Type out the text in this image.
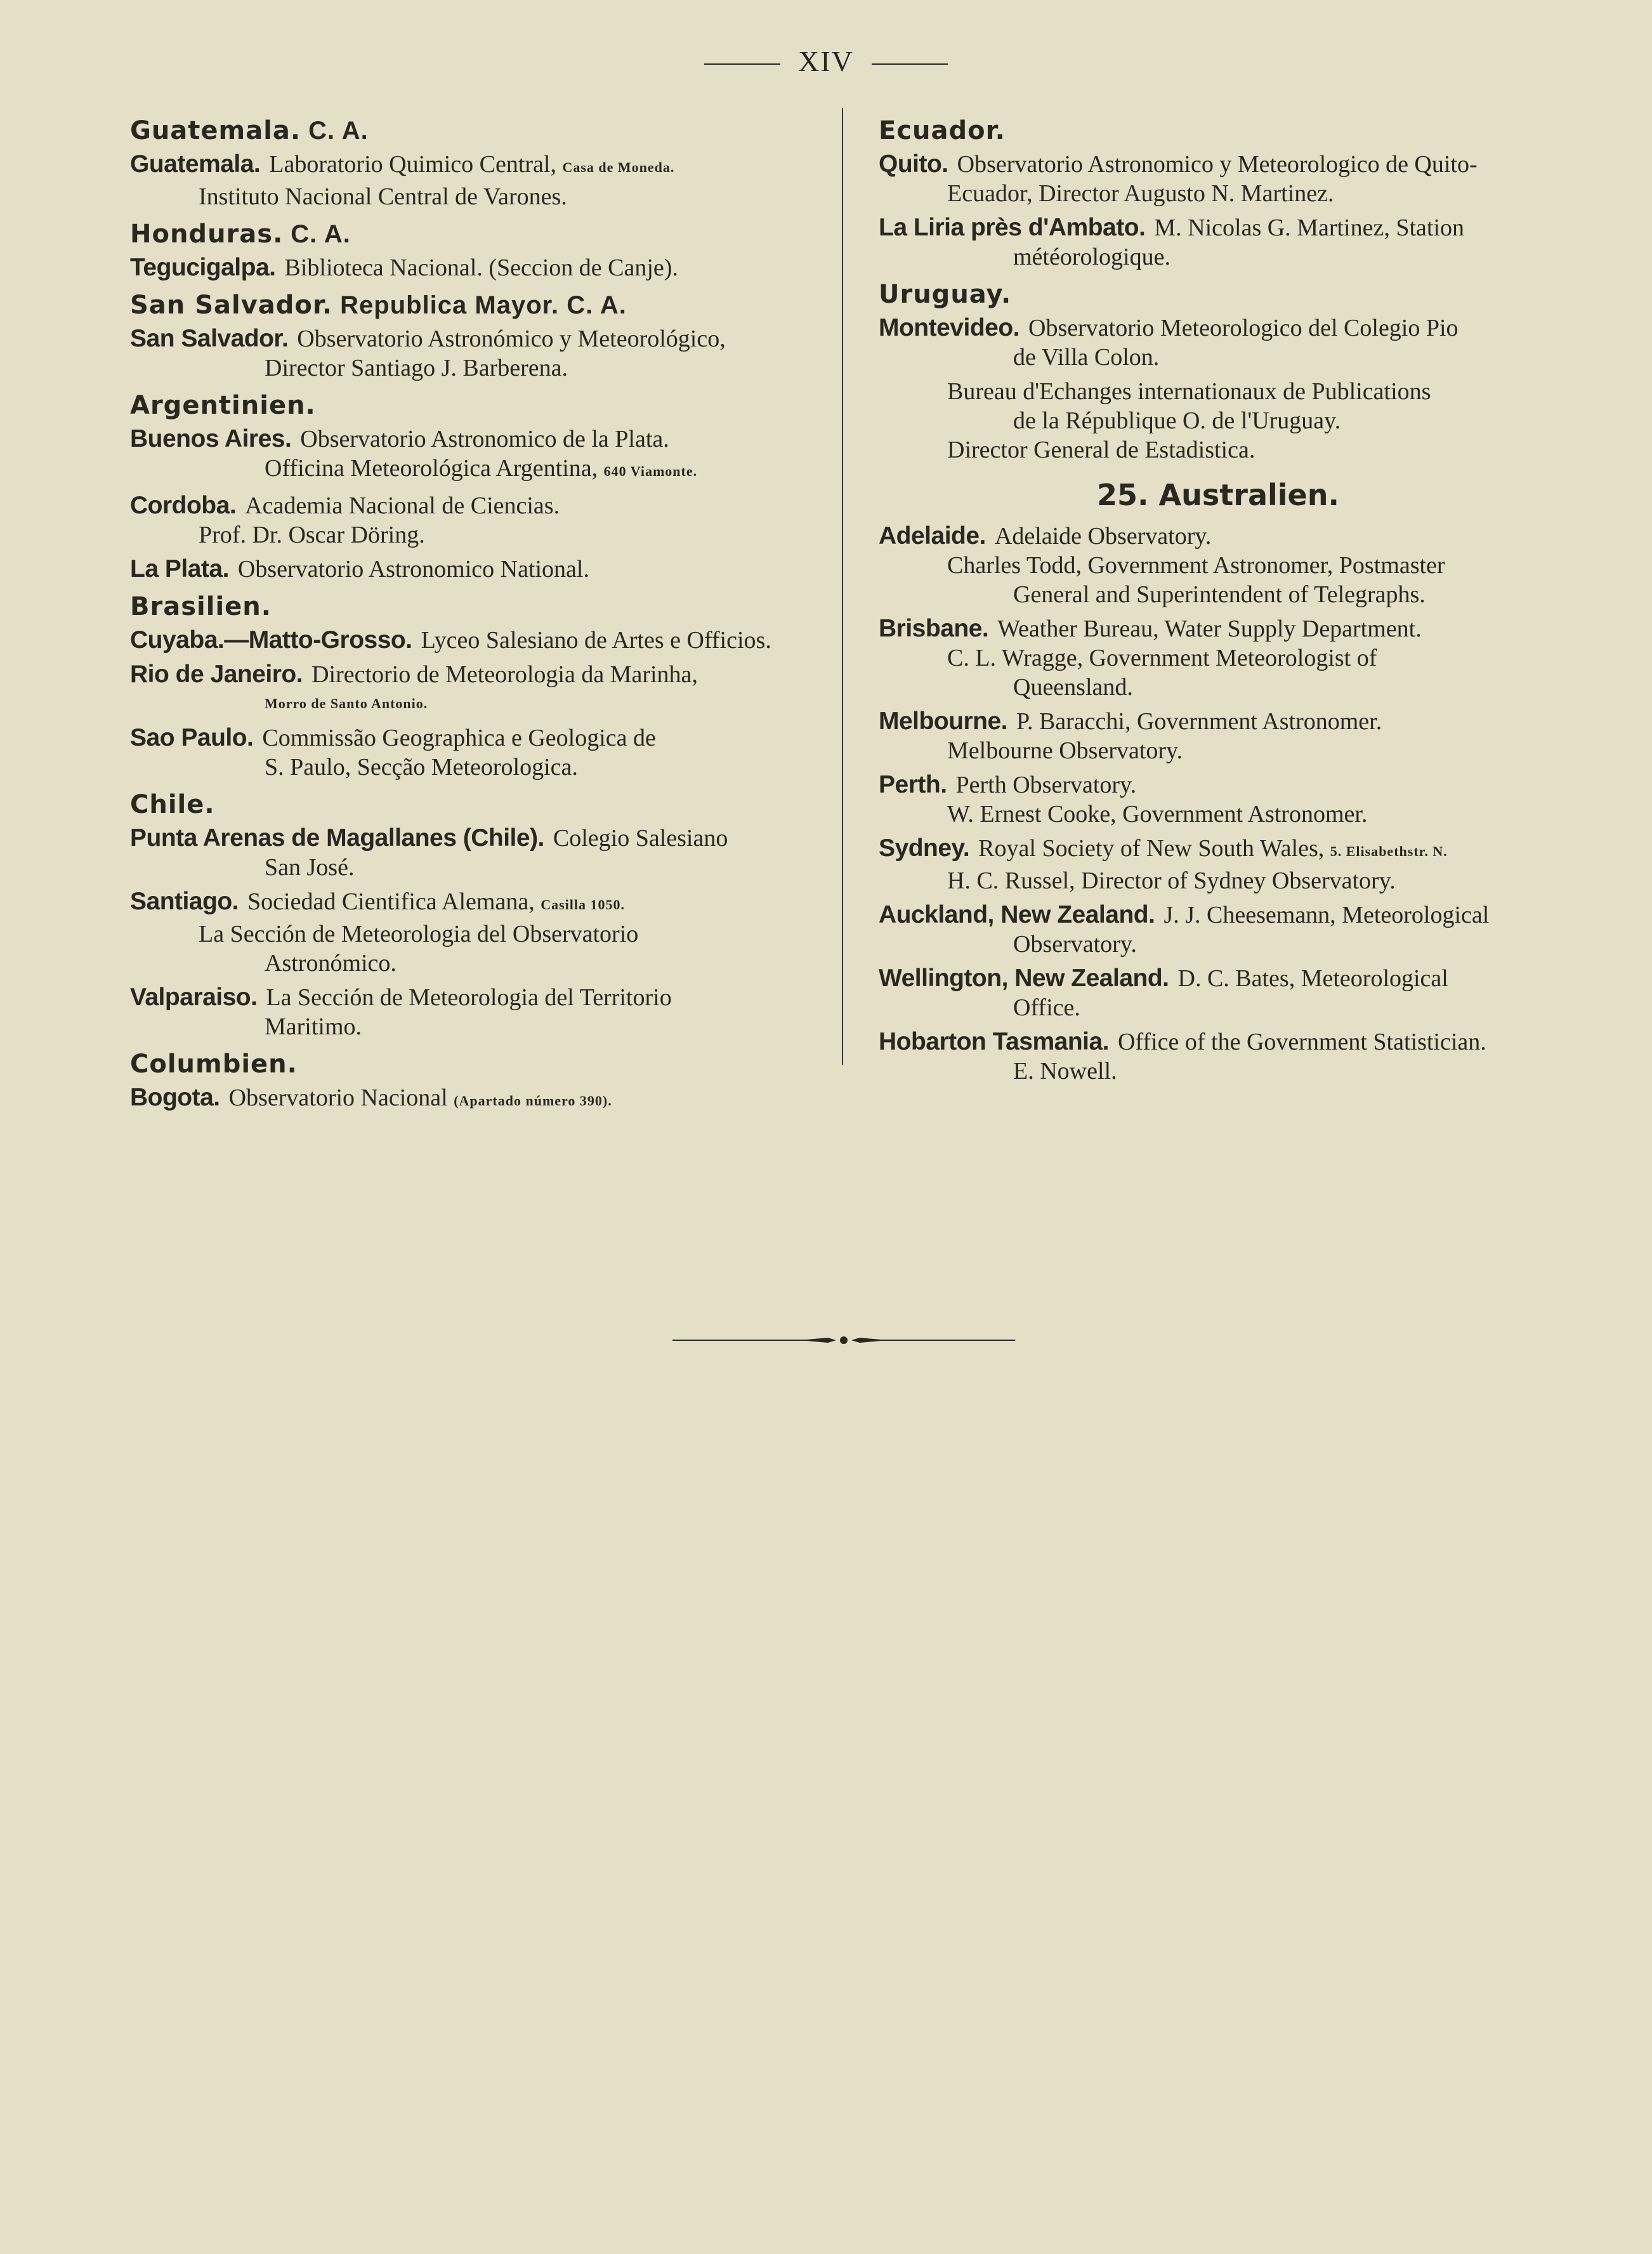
XIV
Guatemala. C. A.
Guatemala. Laboratorio Quimico Central, Casa de Moneda.
Instituto Nacional Central de Varones.
Honduras. C. A.
Tegucigalpa. Biblioteca Nacional. (Seccion de Canje).
San Salvador. Republica Mayor. C. A.
San Salvador. Observatorio Astronómico y Meteorológico,
Director Santiago J. Barberena.
Argentinien.
Buenos Aires. Observatorio Astronomico de la Plata.
Officina Meteorológica Argentina, 640 Viamonte.
Cordoba. Academia Nacional de Ciencias.
Prof. Dr. Oscar Döring.
La Plata. Observatorio Astronomico National.
Brasilien.
Cuyaba.—Matto-Grosso. Lyceo Salesiano de Artes e Officios.
Rio de Janeiro. Directorio de Meteorologia da Marinha,
Morro de Santo Antonio.
Sao Paulo. Commissão Geographica e Geologica de
S. Paulo, Secção Meteorologica.
Chile.
Punta Arenas de Magallanes (Chile). Colegio Salesiano
San José.
Santiago. Sociedad Cientifica Alemana, Casilla 1050.
La Sección de Meteorologia del Observatorio
Astronómico.
Valparaiso. La Sección de Meteorologia del Territorio
Maritimo.
Columbien.
Bogota. Observatorio Nacional (Apartado número 390).
Ecuador.
Quito. Observatorio Astronomico y Meteorologico de Quito-
Ecuador, Director Augusto N. Martinez.
La Liria près d'Ambato. M. Nicolas G. Martinez, Station
météorologique.
Uruguay.
Montevideo. Observatorio Meteorologico del Colegio Pio
de Villa Colon.
Bureau d'Echanges internationaux de Publications
de la République O. de l'Uruguay.
Director General de Estadistica.
25. Australien.
Adelaide. Adelaide Observatory.
Charles Todd, Government Astronomer, Postmaster
General and Superintendent of Telegraphs.
Brisbane. Weather Bureau, Water Supply Department.
C. L. Wragge, Government Meteorologist of
Queensland.
Melbourne. P. Baracchi, Government Astronomer.
Melbourne Observatory.
Perth. Perth Observatory.
W. Ernest Cooke, Government Astronomer.
Sydney. Royal Society of New South Wales, 5. Elisabethstr. N.
H. C. Russel, Director of Sydney Observatory.
Auckland, New Zealand. J. J. Cheesemann, Meteorological
Observatory.
Wellington, New Zealand. D. C. Bates, Meteorological
Office.
Hobarton Tasmania. Office of the Government Statistician.
E. Nowell.
